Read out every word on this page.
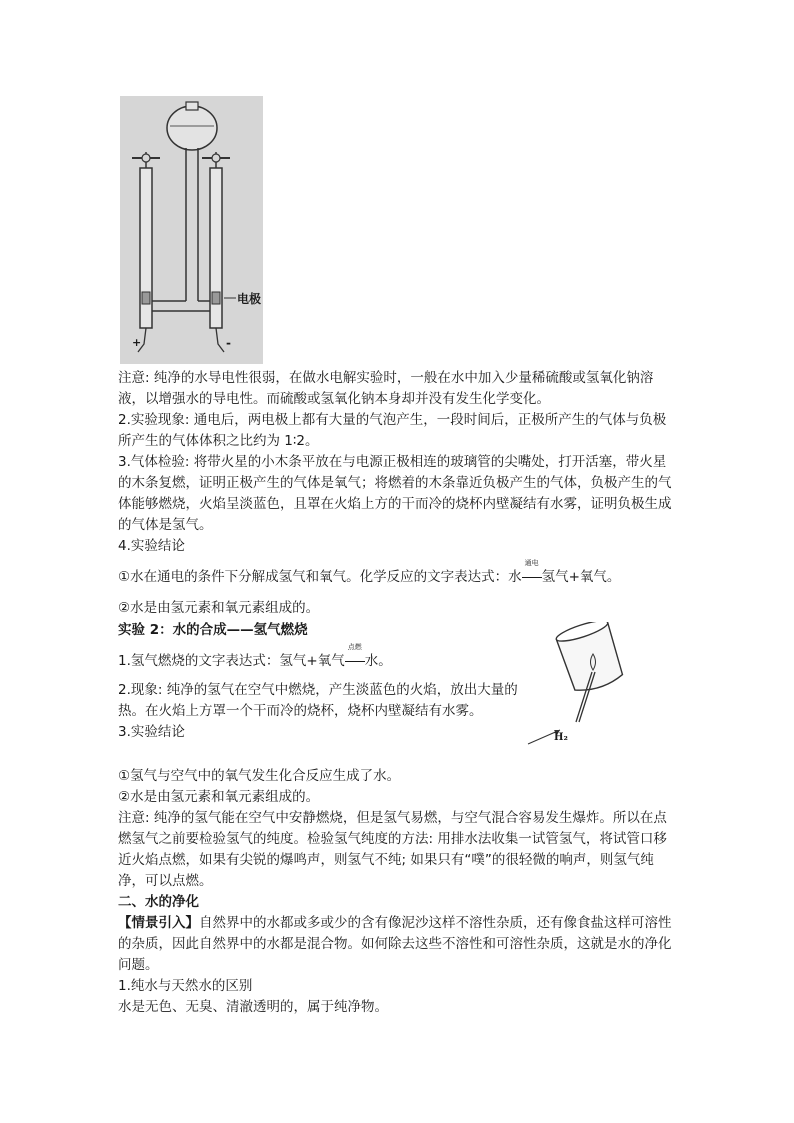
电极
+	-

注意: 纯净的水导电性很弱，在做水电解实验时，一般在水中加入少量稀硫酸或氢氧化钠溶液，以增强水的导电性。而硫酸或氢氧化钠本身却并没有发生化学变化。

2.实验现象: 通电后，两电极上都有大量的气泡产生，一段时间后，正极所产生的气体与负极所产生的气体体积之比约为 1∶2。

3.气体检验: 将带火星的小木条平放在与电源正极相连的玻璃管的尖嘴处，打开活塞，带火星的木条复燃，证明正极产生的气体是氧气；将燃着的木条靠近负极产生的气体，负极产生的气体能够燃烧，火焰呈淡蓝色，且罩在火焰上方的干而冷的烧杯内壁凝结有水雾，证明负极生成的气体是氢气。

4.实验结论

①水在通电的条件下分解成氢气和氧气。化学反应的文字表达式：水
通电
氢气+氧气。

②水是由氢元素和氧元素组成的。

实验 2：水的合成——氢气燃烧

1.氢气燃烧的文字表达式：氢气+氧气
点燃
水。

2.现象: 纯净的氢气在空气中燃烧，产生淡蓝色的火焰，放出大量的热。在火焰上方罩一个干而冷的烧杯，烧杯内壁凝结有水雾。

3.实验结论	H₂

①氢气与空气中的氧气发生化合反应生成了水。

②水是由氢元素和氧元素组成的。

注意: 纯净的氢气能在空气中安静燃烧，但是氢气易燃，与空气混合容易发生爆炸。所以在点燃氢气之前要检验氢气的纯度。检验氢气纯度的方法: 用排水法收集一试管氢气，将试管口移近火焰点燃，如果有尖锐的爆鸣声，则氢气不纯; 如果只有“噗”的很轻微的响声，则氢气纯净，可以点燃。

二、水的净化

【情景引入】自然界中的水都或多或少的含有像泥沙这样不溶性杂质，还有像食盐这样可溶性的杂质，因此自然界中的水都是混合物。如何除去这些不溶性和可溶性杂质，这就是水的净化问题。

1.纯水与天然水的区别

水是无色、无臭、清澈透明的，属于纯净物。
